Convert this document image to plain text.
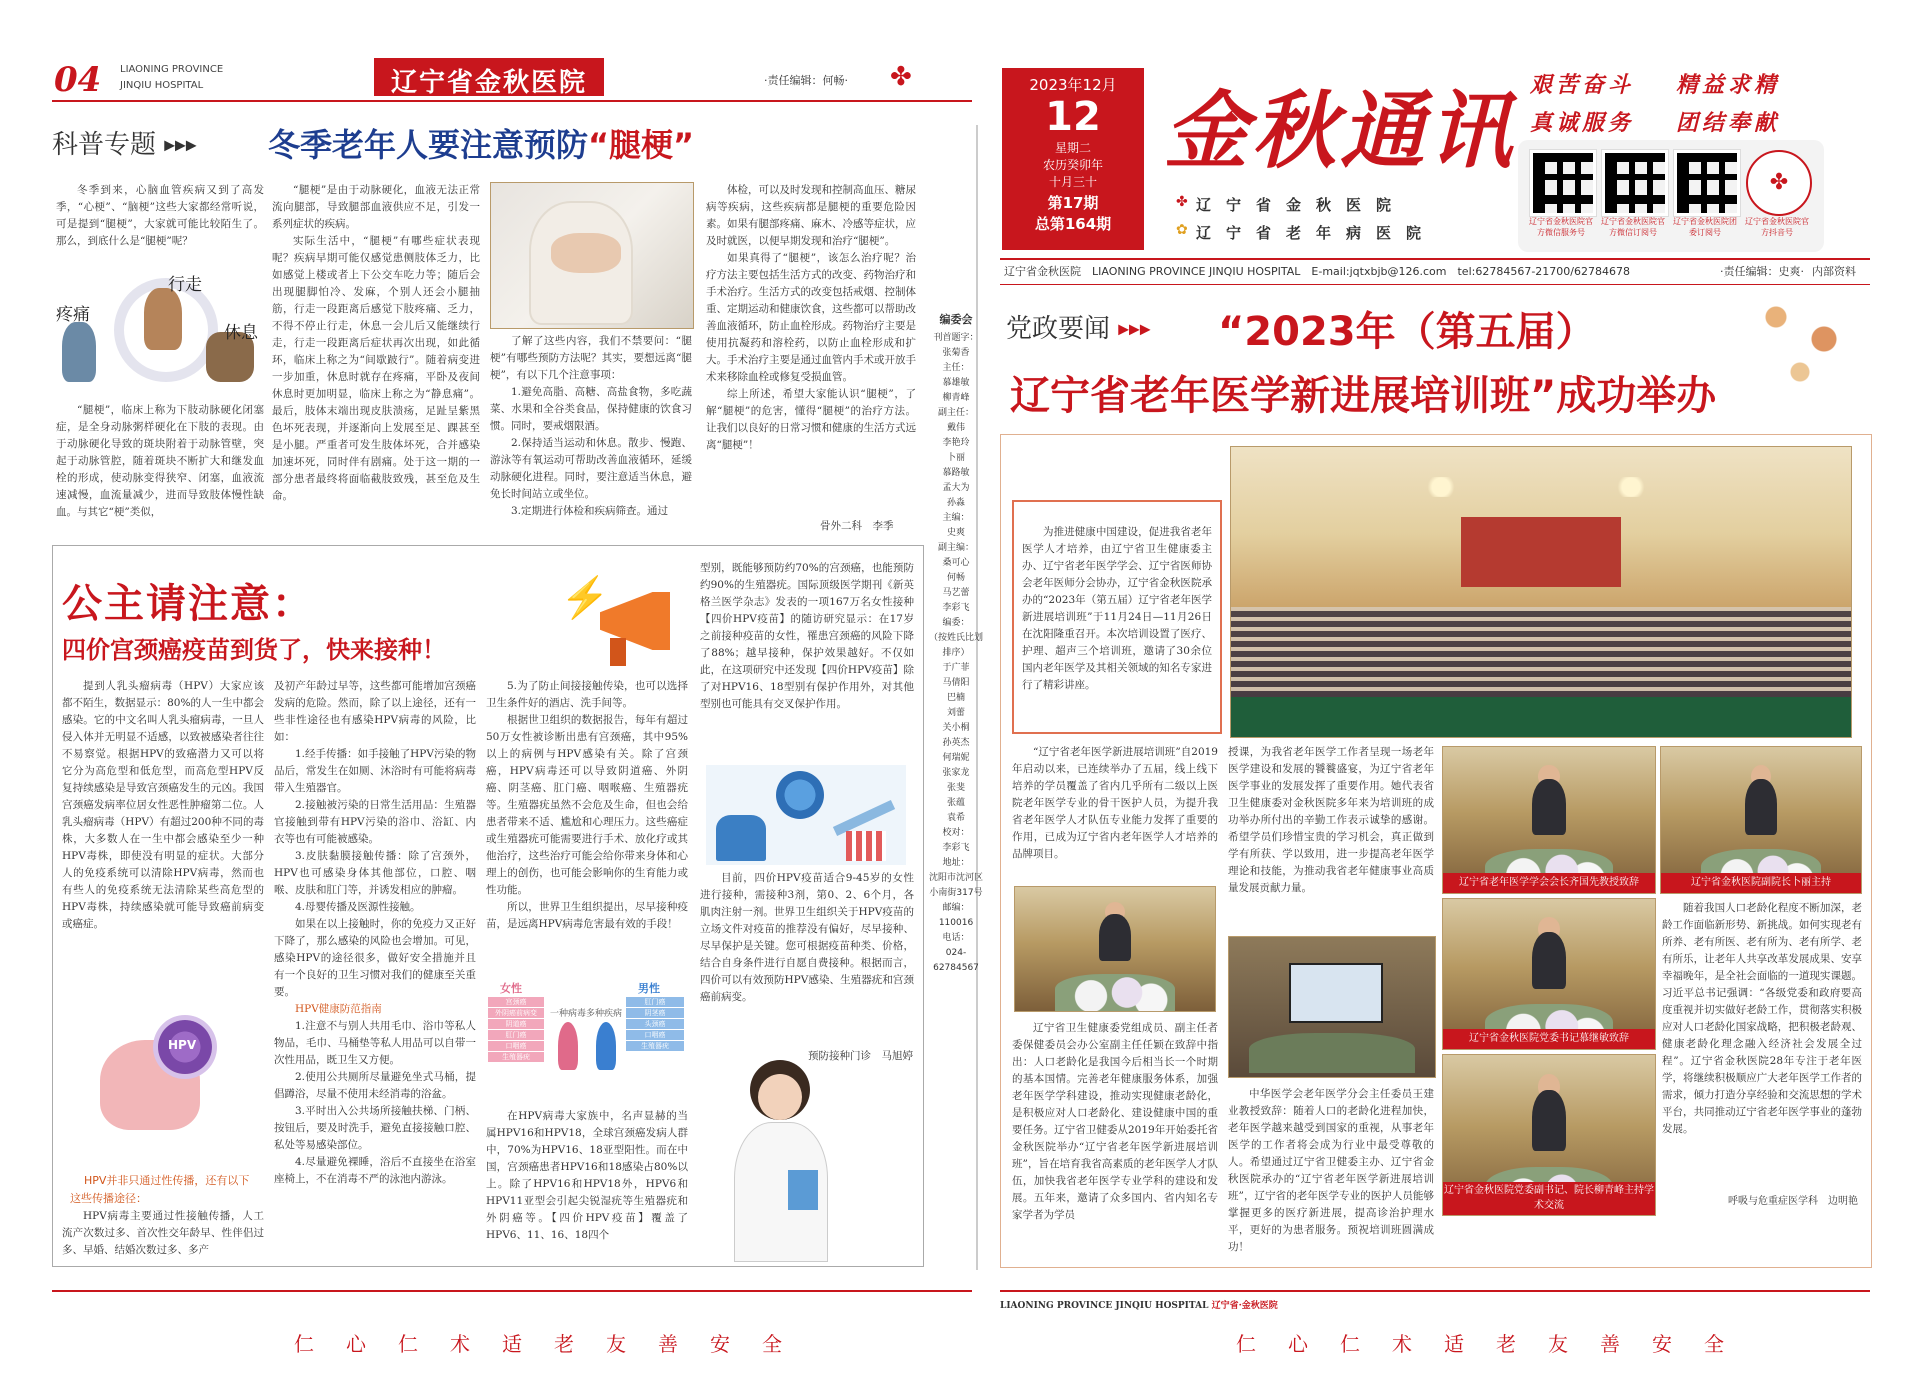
04 LIAONING PROVINCE
JINQIU HOSPITAL	辽宁省金秋医院	·责任编辑：何畅· ✤
科普专题 ▶▶▶ 冬季老年人要注意预防“腿梗”

冬季到来，心脑血管疾病又到了高发季，“心梗”、“脑梗”这些大家都经常听说，可是提到“腿梗”，大家就可能比较陌生了。那么，到底什么是“腿梗”呢？

行走
疼痛
休息

“腿梗”，临床上称为下肢动脉硬化闭塞症，是全身动脉粥样硬化在下肢的表现。由于动脉硬化导致的斑块附着于动脉管壁，突起于动脉管腔，随着斑块不断扩大和继发血栓的形成，使动脉变得狭窄、闭塞，血液流速减慢，血流量减少，进而导致肢体慢性缺血。与其它“梗”类似，

“腿梗”是由于动脉硬化，血液无法正常流向腿部，导致腿部血液供应不足，引发一系列症状的疾病。

实际生活中，“腿梗”有哪些症状表现呢？疾病早期可能仅感觉患侧肢体乏力，比如感觉上楼或者上下公交车吃力等；随后会出现腿脚怕冷、发麻，个别人还会小腿抽筋，行走一段距离后感觉下肢疼痛、乏力，不得不停止行走，休息一会儿后又能继续行走，行走一段距离后症状再次出现，如此循环，临床上称之为“间歇跛行”。随着病变进一步加重，休息时就存在疼痛，平卧及夜间休息时更加明显，临床上称之为“静息痛”。最后，肢体末端出现皮肤溃疡，足趾呈紫黑色坏死表现，并逐渐向上发展至足、踝甚至是小腿。严重者可发生肢体坏死，合并感染加速坏死，同时伴有剧痛。处于这一期的一部分患者最终将面临截肢致残，甚至危及生命。

了解了这些内容，我们不禁要问：“腿梗”有哪些预防方法呢？其实，要想远离“腿梗”，有以下几个注意事项：

1.避免高脂、高糖、高盐食物，多吃蔬菜、水果和全谷类食品，保持健康的饮食习惯。同时，要戒烟限酒。

2.保持适当运动和休息。散步、慢跑、游泳等有氧运动可帮助改善血液循环，延缓动脉硬化进程。同时，要注意适当休息，避免长时间站立或坐位。

3.定期进行体检和疾病筛查。通过

体检，可以及时发现和控制高血压、糖尿病等疾病，这些疾病都是腿梗的重要危险因素。如果有腿部疼痛、麻木、冷感等症状，应及时就医，以便早期发现和治疗“腿梗”。

如果真得了“腿梗”，该怎么治疗呢？治疗方法主要包括生活方式的改变、药物治疗和手术治疗。生活方式的改变包括戒烟、控制体重、定期运动和健康饮食，这些都可以帮助改善血液循环，防止血栓形成。药物治疗主要是使用抗凝药和溶栓药，以防止血栓形成和扩大。手术治疗主要是通过血管内手术或开放手术来移除血栓或修复受损血管。

综上所述，希望大家能认识“腿梗”，了解“腿梗”的危害，懂得“腿梗”的治疗方法。让我们以良好的日常习惯和健康的生活方式远离“腿梗”！

骨外二科　李季
公主请注意：
四价宫颈癌疫苗到货了，快来接种！
⚡

提到人乳头瘤病毒（HPV）大家应该都不陌生，数据显示：80%的人一生中都会感染。它的中文名叫人乳头瘤病毒，一旦人侵入体并无明显不适感，以致被感染者往往不易察觉。根据HPV的致癌潜力又可以将它分为高危型和低危型，而高危型HPV反复持续感染是导致宫颈癌发生的元凶。我国宫颈癌发病率位居女性恶性肿瘤第二位。人乳头瘤病毒（HPV）有超过200种不同的毒株，大多数人在一生中都会感染至少一种HPV毒株，即使没有明显的症状。大部分人的免疫系统可以清除HPV病毒，然而也有些人的免疫系统无法清除某些高危型的HPV毒株，持续感染就可能导致癌前病变或癌症。

HPV
HPV并非只通过性传播，还有以下
这些传播途径：

HPV病毒主要通过性接触传播，人工流产次数过多、首次性交年龄早、性伴侣过多、早婚、结婚次数过多、多产

及初产年龄过早等，这些都可能增加宫颈癌发病的危险。然而，除了以上途径，还有一些非性途径也有感染HPV病毒的风险，比如：

1.经手传播：如手接触了HPV污染的物品后，常发生在如厕、沐浴时有可能将病毒带入生殖器官。

2.接触被污染的日常生活用品：生殖器官接触到带有HPV污染的浴巾、浴缸、内衣等也有可能被感染。

3.皮肤黏膜接触传播：除了宫颈外，HPV也可感染身体其他部位，口腔、咽喉、皮肤和肛门等，并诱发相应的肿瘤。

4.母婴传播及医源性接触。

如果在以上接触时，你的免疫力又正好下降了，那么感染的风险也会增加。可见，感染HPV的途径很多，做好安全措施并且有一个良好的卫生习惯对我们的健康至关重要。

HPV健康防范指南

1.注意不与别人共用毛巾、浴巾等私人物品，毛巾、马桶垫等私人用品可以自带一次性用品，既卫生又方便。

2.使用公共厕所尽量避免坐式马桶，提倡蹲浴，尽量不使用未经消毒的浴盆。

3.平时出入公共场所接触扶梯、门柄、按钮后，要及时洗手，避免直接接触口腔、私处等易感染部位。

4.尽量避免裸睡，浴后不直接坐在浴室座椅上，不在消毒不严的泳池内游泳。

5.为了防止间接接触传染，也可以选择卫生条件好的酒店、洗手间等。

根据世卫组织的数据报告，每年有超过50万女性被诊断出患有宫颈癌，其中95%以上的病例与HPV感染有关。除了宫颈癌，HPV病毒还可以导致阴道癌、外阴癌、阴茎癌、肛门癌、咽喉癌、生殖器疣等。生殖器疣虽然不会危及生命，但也会给患者带来不适、尴尬和心理压力。这些癌症或生殖器疣可能需要进行手术、放化疗或其他治疗，这些治疗可能会给你带来身体和心理上的创伤，也可能会影响你的生育能力或性功能。

所以，世界卫生组织提出，尽早接种疫苗，是远离HPV病毒危害最有效的手段！

女性	男性
一种病毒多种疾病
宫颈癌
外阴癌前病变
阴道癌
肛门癌
口咽癌
生殖器疣
肛门癌
阴茎癌
头颈癌
口咽癌
生殖器疣

在HPV病毒大家族中，名声显赫的当属HPV16和HPV18，全球宫颈癌发病人群中，70%为HPV16、18亚型阳性。而在中国，宫颈癌患者HPV16和18感染占80%以上。除了HPV16和HPV18外，HPV6和HPV11亚型会引起尖锐湿疣等生殖器疣和外阴癌等。【四价HPV疫苗】覆盖了HPV6、11、16、18四个

型别，既能够预防约70%的宫颈癌，也能预防约90%的生殖器疣。国际顶级医学期刊《新英格兰医学杂志》发表的一项167万名女性接种【四价HPV疫苗】的随访研究显示：在17岁之前接种疫苗的女性，罹患宫颈癌的风险下降了88%；越早接种，保护效果越好。不仅如此，在这项研究中还发现【四价HPV疫苗】除了对HPV16、18型别有保护作用外，对其他型别也可能具有交叉保护作用。

目前，四价HPV疫苗适合9-45岁的女性进行接种，需接种3剂，第0、2、6个月，各肌肉注射一剂。世界卫生组织关于HPV疫苗的立场文件对疫苗的推荐没有偏好，尽早接种、尽早保护是关键。您可根据疫苗种类、价格，结合自身条件进行自愿自费接种。根据而言，四价可以有效预防HPV感染、生殖器疣和宫颈癌前病变。

预防接种门诊　马旭婷
编委会
刊首题字：
张菊香
主任：
慕雄敏
柳青峰
副主任：
戴伟
李艳玲
卜丽
慕路敏
孟大为
孙淼
主编：
史爽
副主编：
桑可心
何畅
马艺蕾
李彩飞
编委：
（按姓氏比划排序）
于广菲
马倩阳
巴楠
刘蕾
关小桐
孙英杰
何瑞妮
张家龙
张斐
张蕴
袁希
校对：
李彩飞
地址：
沈阳市沈河区
小南街317号
邮编：
110016
电话：
024-62784567
仁　心　仁　术　适　老　友　善　安　全
2023年12月
12
星期二
农历癸卯年
十月三十
第17期
总第164期
金秋通讯
✤ 辽　宁　省　金　秋　医　院
✿ 辽　宁　省　老　年　病　医　院
艰苦奋斗 精益求精
真诚服务 团结奉献
✤
辽宁省金秋医院官方微信服务号
辽宁省金秋医院官方微信订阅号
辽宁省金秋医院团委订阅号
辽宁省金秋医院官方抖音号
辽宁省金秋医院　LIAONING PROVINCE JINQIU HOSPITAL　E-mail:jqtxbjb@126.com　tel:62784567-21700/62784678	·责任编辑：史爽· 内部资料
党政要闻 ▶▶▶ “2023年（第五届）
辽宁省老年医学新进展培训班”成功举办

为推进健康中国建设，促进我省老年医学人才培养，由辽宁省卫生健康委主办、辽宁省老年医学学会、辽宁省医师协会老年医师分会协办，辽宁省金秋医院承办的“2023年（第五届）辽宁省老年医学新进展培训班”于11月24日—11月26日在沈阳隆重召开。本次培训设置了医疗、护理、超声三个培训班，邀请了30余位国内老年医学及其相关领域的知名专家进行了精彩讲座。

“辽宁省老年医学新进展培训班”自2019年启动以来，已连续举办了五届，线上线下培养的学员覆盖了省内几乎所有二级以上医院老年医学专业的骨干医护人员，为提升我省老年医学人才队伍专业能力发挥了重要的作用，已成为辽宁省内老年医学人才培养的品牌项目。

辽宁省卫生健康委党组成员、副主任者委保健委员会办公室副主任任颖在致辞中指出：人口老龄化是我国今后相当长一个时期的基本国情。完善老年健康服务体系，加强老年医学学科建设，推动实现健康老龄化，是积极应对人口老龄化、建设健康中国的重要任务。辽宁省卫健委从2019年开始委托省金秋医院举办“辽宁省老年医学新进展培训班”，旨在培育我省高素质的老年医学人才队伍，加快我省老年医学专业学科的建设和发展。五年来，邀请了众多国内、省内知名专家学者为学员

授课，为我省老年医学工作者呈现一场老年医学建设和发展的饕餮盛宴，为辽宁省老年医学事业的发展发挥了重要作用。她代表省卫生健康委对金秋医院多年来为培训班的成功举办所付出的辛勤工作表示诚挚的感谢。希望学员们珍惜宝贵的学习机会，真正做到学有所获、学以致用，进一步提高老年医学理论和技能，为推动我省老年健康事业高质量发展贡献力量。

中华医学会老年医学分会主任委员王建业教授致辞：随着人口的老龄化进程加快，老年医学越来越受到国家的重视，从事老年医学的工作者将会成为行业中最受尊敬的人。希望通过辽宁省卫健委主办、辽宁省金秋医院承办的“辽宁省老年医学新进展培训班”，辽宁省的老年医学专业的医护人员能够掌握更多的医疗新进展，提高诊治护理水平，更好的为患者服务。预祝培训班圆满成功！

辽宁省老年医学学会会长齐国先教授致辞	辽宁省金秋医院副院长卜丽主持
辽宁省金秋医院党委书记慕继敏致辞
辽宁省金秋医院党委副书记、院长柳青峰主持学术交流

随着我国人口老龄化程度不断加深，老龄工作面临新形势、新挑战。如何实现老有所养、老有所医、老有所为、老有所学、老有所乐，让老年人共享改革发展成果、安享幸福晚年，是全社会面临的一道现实课题。习近平总书记强调：“各级党委和政府要高度重视并切实做好老龄工作，贯彻落实积极应对人口老龄化国家战略，把积极老龄观、健康老龄化理念融入经济社会发展全过程”。辽宁省金秋医院28年专注于老年医学，将继续积极顺应广大老年医学工作者的需求，倾力打造分享经验和交流思想的学术平台，共同推动辽宁省老年医学事业的蓬勃发展。

呼吸与危重症医学科　边明艳
LIAONING PROVINCE JINQIU HOSPITAL 辽宁省·金秋医院
仁　心　仁　术　适　老　友　善　安　全
